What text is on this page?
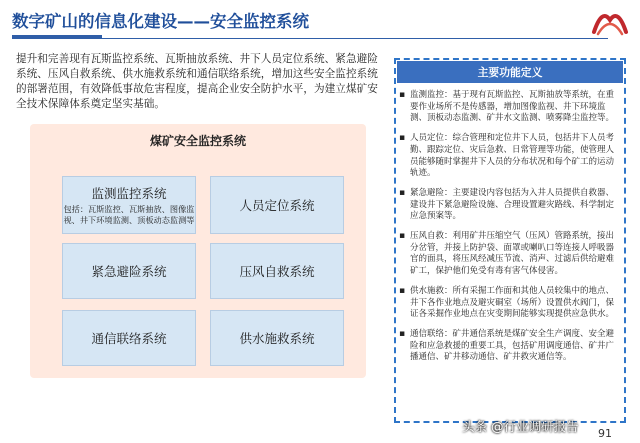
数字矿山的信息化建设——安全监控系统
提升和完善现有瓦斯监控系统、瓦斯抽放系统、井下人员定位系统、紧急避险系统、压风自救系统、供水施救系统和通信联络系统，增加这些安全监控系统的部署范围，有效降低事故危害程度，提高企业安全防护水平，为建立煤矿安全技术保障体系奠定坚实基础。
煤矿安全监控系统
监测监控系统
包括：瓦斯监控、瓦斯抽放、图像监视、井下环境监测、顶板动态监测等
人员定位系统
紧急避险系统	压风自救系统
通信联络系统	供水施救系统
主要功能定义
▪ 监测监控：基于现有瓦斯监控、瓦斯抽放等系统，在重要作业场所不是传感器，增加图像监视、井下环境监测、顶板动态监测、矿井水文监测、喷雾降尘监控等。
▪ 人员定位：综合管理和定位井下人员，包括井下人员考勤、跟踪定位、灾后急救、日常管理等功能，使管理人员能够随时掌握井下人员的分布状况和每个矿工的运动轨迹。
▪ 紧急避险：主要建设内容包括为入井人员提供自救器、建设井下紧急避险设施、合理设置避灾路线、科学制定应急预案等。
▪ 压风自救：利用矿井压缩空气（压风）管路系统，接出分岔管，并接上防护袋、面罩或喇叭口等连接人呼吸器官的面具，将压风经减压节流、消声、过滤后供给避难矿工，保护他们免受有毒有害气体侵害。
▪ 供水施救：所有采掘工作面和其他人员较集中的地点、井下各作业地点及避灾硐室（场所）设置供水阀门，保证各采掘作业地点在灾变期间能够实现提供应急供水。
▪ 通信联络：矿井通信系统是煤矿安全生产调度、安全避险和应急救援的重要工具，包括矿用调度通信、矿井广播通信、矿井移动通信、矿井救灾通信等。
头条 @行业调研报告 91
